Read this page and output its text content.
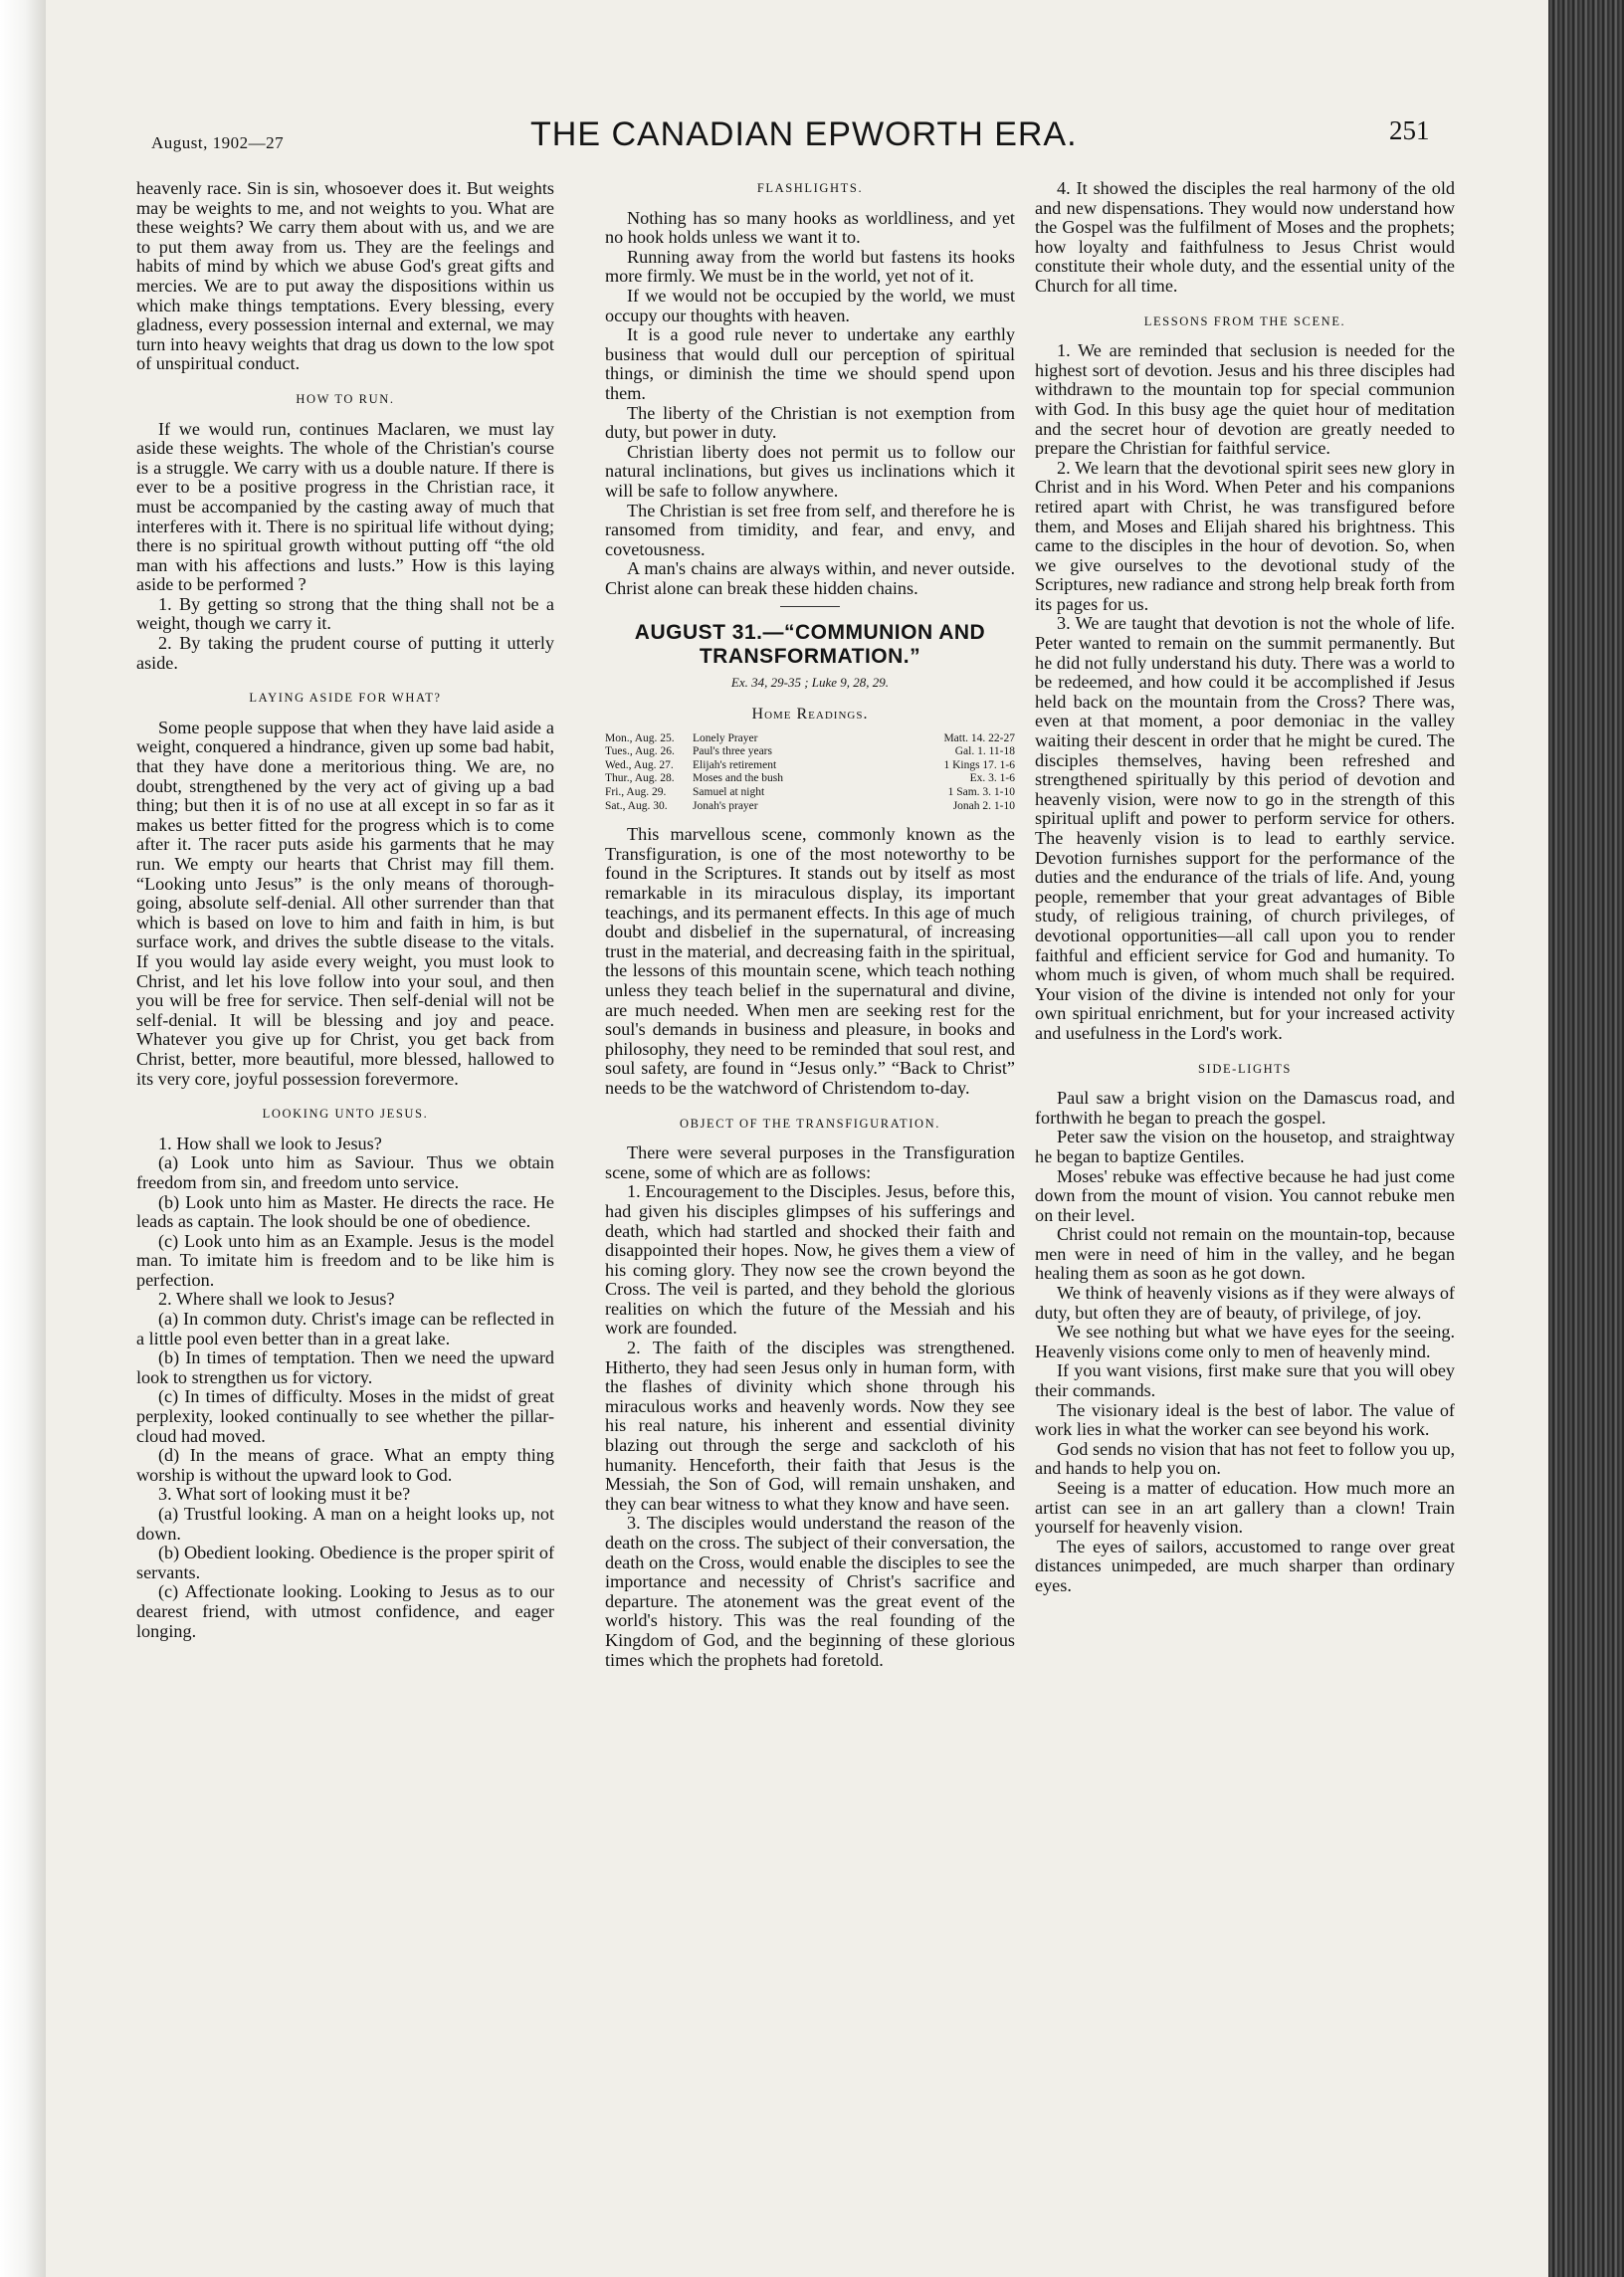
August, 1902—27	THE CANADIAN EPWORTH ERA.	251

heavenly race. Sin is sin, whosoever does it. But weights may be weights to me, and not weights to you. What are these weights? We carry them about with us, and we are to put them away from us. They are the feelings and habits of mind by which we abuse God's great gifts and mercies. We are to put away the dispositions within us which make things temptations. Every blessing, every gladness, every possession internal and external, we may turn into heavy weights that drag us down to the low spot of unspiritual conduct.

HOW TO RUN.

If we would run, continues Maclaren, we must lay aside these weights. The whole of the Christian's course is a struggle. We carry with us a double nature. If there is ever to be a positive progress in the Christian race, it must be accompanied by the casting away of much that interferes with it. There is no spiritual life without dying; there is no spiritual growth without putting off “the old man with his affections and lusts.” How is this laying aside to be performed ?

1. By getting so strong that the thing shall not be a weight, though we carry it.

2. By taking the prudent course of putting it utterly aside.

LAYING ASIDE FOR WHAT?

Some people suppose that when they have laid aside a weight, conquered a hindrance, given up some bad habit, that they have done a meritorious thing. We are, no doubt, strengthened by the very act of giving up a bad thing; but then it is of no use at all except in so far as it makes us better fitted for the progress which is to come after it. The racer puts aside his garments that he may run. We empty our hearts that Christ may fill them. “Looking unto Jesus” is the only means of thorough-going, absolute self-denial. All other surrender than that which is based on love to him and faith in him, is but surface work, and drives the subtle disease to the vitals. If you would lay aside every weight, you must look to Christ, and let his love follow into your soul, and then you will be free for service. Then self-denial will not be self-denial. It will be blessing and joy and peace. Whatever you give up for Christ, you get back from Christ, better, more beautiful, more blessed, hallowed to its very core, joyful possession forevermore.

LOOKING UNTO JESUS.

1. How shall we look to Jesus?

(a) Look unto him as Saviour. Thus we obtain freedom from sin, and freedom unto service.

(b) Look unto him as Master. He directs the race. He leads as captain. The look should be one of obedience.

(c) Look unto him as an Example. Jesus is the model man. To imitate him is freedom and to be like him is perfection.

2. Where shall we look to Jesus?

(a) In common duty. Christ's image can be reflected in a little pool even better than in a great lake.

(b) In times of temptation. Then we need the upward look to strengthen us for victory.

(c) In times of difficulty. Moses in the midst of great perplexity, looked continually to see whether the pillar-cloud had moved.

(d) In the means of grace. What an empty thing worship is without the upward look to God.

3. What sort of looking must it be?

(a) Trustful looking. A man on a height looks up, not down.

(b) Obedient looking. Obedience is the proper spirit of servants.

(c) Affectionate looking. Looking to Jesus as to our dearest friend, with utmost confidence, and eager longing.

FLASHLIGHTS.

Nothing has so many hooks as worldliness, and yet no hook holds unless we want it to.

Running away from the world but fastens its hooks more firmly. We must be in the world, yet not of it.

If we would not be occupied by the world, we must occupy our thoughts with heaven.

It is a good rule never to undertake any earthly business that would dull our perception of spiritual things, or diminish the time we should spend upon them.

The liberty of the Christian is not exemption from duty, but power in duty.

Christian liberty does not permit us to follow our natural inclinations, but gives us inclinations which it will be safe to follow anywhere.

The Christian is set free from self, and therefore he is ransomed from timidity, and fear, and envy, and covetousness.

A man's chains are always within, and never outside. Christ alone can break these hidden chains.

AUGUST 31.—“COMMUNION AND TRANSFORMATION.”
Ex. 34, 29-35 ; Luke 9, 28, 29.
Home Readings.
Mon., Aug. 25.	Lonely Prayer	Matt. 14. 22-27
Tues., Aug. 26.	Paul's three years	Gal. 1. 11-18
Wed., Aug. 27.	Elijah's retirement	1 Kings 17. 1-6
Thur., Aug. 28.	Moses and the bush	Ex. 3. 1-6
Fri., Aug. 29.	Samuel at night	1 Sam. 3. 1-10
Sat., Aug. 30.	Jonah's prayer	Jonah 2. 1-10

This marvellous scene, commonly known as the Transfiguration, is one of the most noteworthy to be found in the Scriptures. It stands out by itself as most remarkable in its miraculous display, its important teachings, and its permanent effects. In this age of much doubt and disbelief in the supernatural, of increasing trust in the material, and decreasing faith in the spiritual, the lessons of this mountain scene, which teach nothing unless they teach belief in the supernatural and divine, are much needed. When men are seeking rest for the soul's demands in business and pleasure, in books and philosophy, they need to be reminded that soul rest, and soul safety, are found in “Jesus only.” “Back to Christ” needs to be the watchword of Christendom to-day.

OBJECT OF THE TRANSFIGURATION.

There were several purposes in the Transfiguration scene, some of which are as follows:

1. Encouragement to the Disciples. Jesus, before this, had given his disciples glimpses of his sufferings and death, which had startled and shocked their faith and disappointed their hopes. Now, he gives them a view of his coming glory. They now see the crown beyond the Cross. The veil is parted, and they behold the glorious realities on which the future of the Messiah and his work are founded.

2. The faith of the disciples was strengthened. Hitherto, they had seen Jesus only in human form, with the flashes of divinity which shone through his miraculous works and heavenly words. Now they see his real nature, his inherent and essential divinity blazing out through the serge and sackcloth of his humanity. Henceforth, their faith that Jesus is the Messiah, the Son of God, will remain unshaken, and they can bear witness to what they know and have seen.

3. The disciples would understand the reason of the death on the cross. The subject of their conversation, the death on the Cross, would enable the disciples to see the importance and necessity of Christ's sacrifice and departure. The atonement was the great event of the world's history. This was the real founding of the Kingdom of God, and the beginning of these glorious times which the prophets had foretold.

4. It showed the disciples the real harmony of the old and new dispensations. They would now understand how the Gospel was the fulfilment of Moses and the prophets; how loyalty and faithfulness to Jesus Christ would constitute their whole duty, and the essential unity of the Church for all time.

LESSONS FROM THE SCENE.

1. We are reminded that seclusion is needed for the highest sort of devotion. Jesus and his three disciples had withdrawn to the mountain top for special communion with God. In this busy age the quiet hour of meditation and the secret hour of devotion are greatly needed to prepare the Christian for faithful service.

2. We learn that the devotional spirit sees new glory in Christ and in his Word. When Peter and his companions retired apart with Christ, he was transfigured before them, and Moses and Elijah shared his brightness. This came to the disciples in the hour of devotion. So, when we give ourselves to the devotional study of the Scriptures, new radiance and strong help break forth from its pages for us.

3. We are taught that devotion is not the whole of life. Peter wanted to remain on the summit permanently. But he did not fully understand his duty. There was a world to be redeemed, and how could it be accomplished if Jesus held back on the mountain from the Cross? There was, even at that moment, a poor demoniac in the valley waiting their descent in order that he might be cured. The disciples themselves, having been refreshed and strengthened spiritually by this period of devotion and heavenly vision, were now to go in the strength of this spiritual uplift and power to perform service for others. The heavenly vision is to lead to earthly service. Devotion furnishes support for the performance of the duties and the endurance of the trials of life. And, young people, remember that your great advantages of Bible study, of religious training, of church privileges, of devotional opportunities—all call upon you to render faithful and efficient service for God and humanity. To whom much is given, of whom much shall be required. Your vision of the divine is intended not only for your own spiritual enrichment, but for your increased activity and usefulness in the Lord's work.

SIDE-LIGHTS

Paul saw a bright vision on the Damascus road, and forthwith he began to preach the gospel.

Peter saw the vision on the housetop, and straightway he began to baptize Gentiles.

Moses' rebuke was effective because he had just come down from the mount of vision. You cannot rebuke men on their level.

Christ could not remain on the mountain-top, because men were in need of him in the valley, and he began healing them as soon as he got down.

We think of heavenly visions as if they were always of duty, but often they are of beauty, of privilege, of joy.

We see nothing but what we have eyes for the seeing. Heavenly visions come only to men of heavenly mind.

If you want visions, first make sure that you will obey their commands.

The visionary ideal is the best of labor. The value of work lies in what the worker can see beyond his work.

God sends no vision that has not feet to follow you up, and hands to help you on.

Seeing is a matter of education. How much more an artist can see in an art gallery than a clown! Train yourself for heavenly vision.

The eyes of sailors, accustomed to range over great distances unimpeded, are much sharper than ordinary eyes.
